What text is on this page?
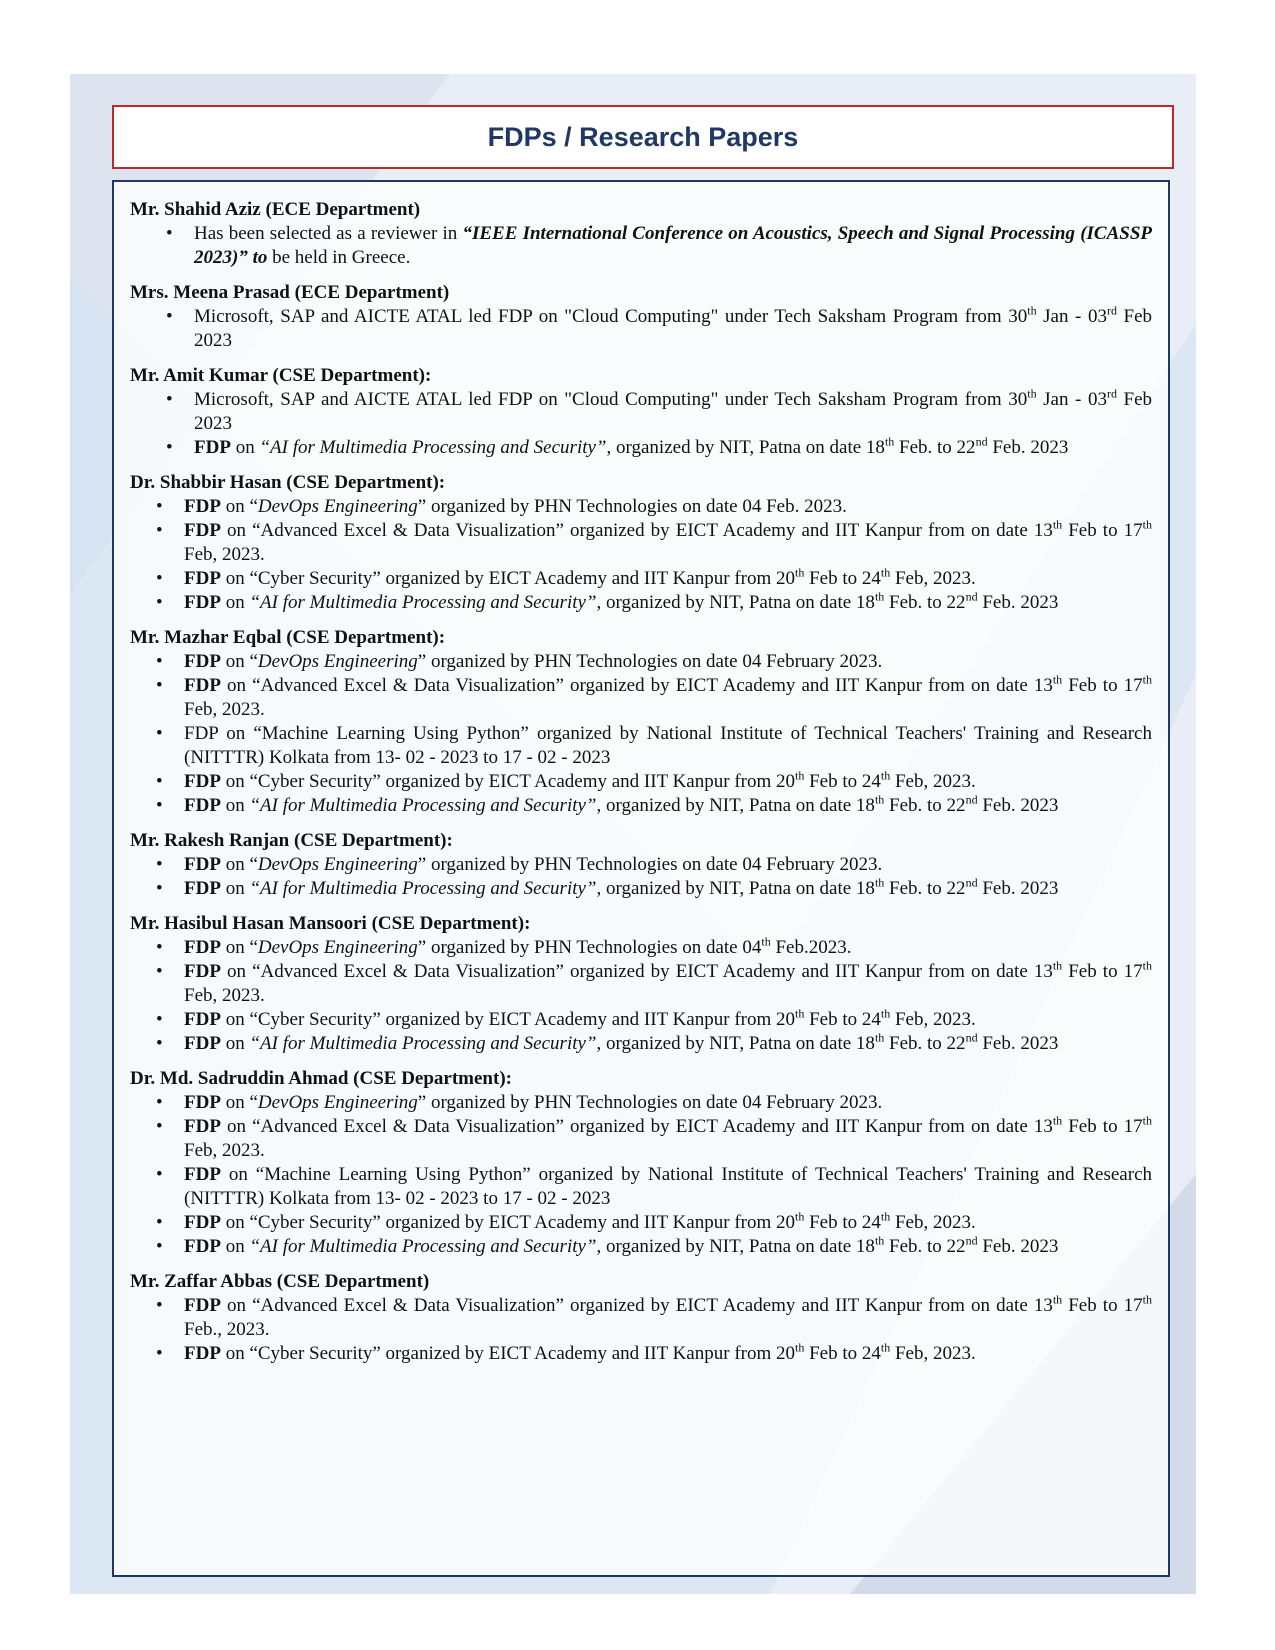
FDPs / Research Papers
Mr. Shahid Aziz (ECE Department)
• Has been selected as a reviewer in “IEEE International Conference on Acoustics, Speech and Signal Processing (ICASSP 2023)” to be held in Greece.
Mrs. Meena Prasad (ECE Department)
• Microsoft, SAP and AICTE ATAL led FDP on "Cloud Computing" under Tech Saksham Program from 30th Jan - 03rd Feb 2023
Mr. Amit Kumar (CSE Department):
• Microsoft, SAP and AICTE ATAL led FDP on "Cloud Computing" under Tech Saksham Program from 30th Jan - 03rd Feb 2023
• FDP on “AI for Multimedia Processing and Security”, organized by NIT, Patna on date 18th Feb. to 22nd Feb. 2023
Dr. Shabbir Hasan (CSE Department):
• FDP on “DevOps Engineering” organized by PHN Technologies on date 04 Feb. 2023.
• FDP on “Advanced Excel & Data Visualization” organized by EICT Academy and IIT Kanpur from on date 13th Feb to 17th Feb, 2023.
• FDP on “Cyber Security” organized by EICT Academy and IIT Kanpur from 20th Feb to 24th Feb, 2023.
• FDP on “AI for Multimedia Processing and Security”, organized by NIT, Patna on date 18th Feb. to 22nd Feb. 2023
Mr. Mazhar Eqbal (CSE Department):
• FDP on “DevOps Engineering” organized by PHN Technologies on date 04 February 2023.
• FDP on “Advanced Excel & Data Visualization” organized by EICT Academy and IIT Kanpur from on date 13th Feb to 17th Feb, 2023.
• FDP on “Machine Learning Using Python” organized by National Institute of Technical Teachers' Training and Research (NITTTR) Kolkata from 13- 02 - 2023 to 17 - 02 - 2023
• FDP on “Cyber Security” organized by EICT Academy and IIT Kanpur from 20th Feb to 24th Feb, 2023.
• FDP on “AI for Multimedia Processing and Security”, organized by NIT, Patna on date 18th Feb. to 22nd Feb. 2023
Mr. Rakesh Ranjan (CSE Department):
• FDP on “DevOps Engineering” organized by PHN Technologies on date 04 February 2023.
• FDP on “AI for Multimedia Processing and Security”, organized by NIT, Patna on date 18th Feb. to 22nd Feb. 2023
Mr. Hasibul Hasan Mansoori (CSE Department):
• FDP on “DevOps Engineering” organized by PHN Technologies on date 04th Feb.2023.
• FDP on “Advanced Excel & Data Visualization” organized by EICT Academy and IIT Kanpur from on date 13th Feb to 17th Feb, 2023.
• FDP on “Cyber Security” organized by EICT Academy and IIT Kanpur from 20th Feb to 24th Feb, 2023.
• FDP on “AI for Multimedia Processing and Security”, organized by NIT, Patna on date 18th Feb. to 22nd Feb. 2023
Dr. Md. Sadruddin Ahmad (CSE Department):
• FDP on “DevOps Engineering” organized by PHN Technologies on date 04 February 2023.
• FDP on “Advanced Excel & Data Visualization” organized by EICT Academy and IIT Kanpur from on date 13th Feb to 17th Feb, 2023.
• FDP on “Machine Learning Using Python” organized by National Institute of Technical Teachers' Training and Research (NITTTR) Kolkata from 13- 02 - 2023 to 17 - 02 - 2023
• FDP on “Cyber Security” organized by EICT Academy and IIT Kanpur from 20th Feb to 24th Feb, 2023.
• FDP on “AI for Multimedia Processing and Security”, organized by NIT, Patna on date 18th Feb. to 22nd Feb. 2023
Mr. Zaffar Abbas (CSE Department)
• FDP on “Advanced Excel & Data Visualization” organized by EICT Academy and IIT Kanpur from on date 13th Feb to 17th Feb., 2023.
• FDP on “Cyber Security” organized by EICT Academy and IIT Kanpur from 20th Feb to 24th Feb, 2023.
